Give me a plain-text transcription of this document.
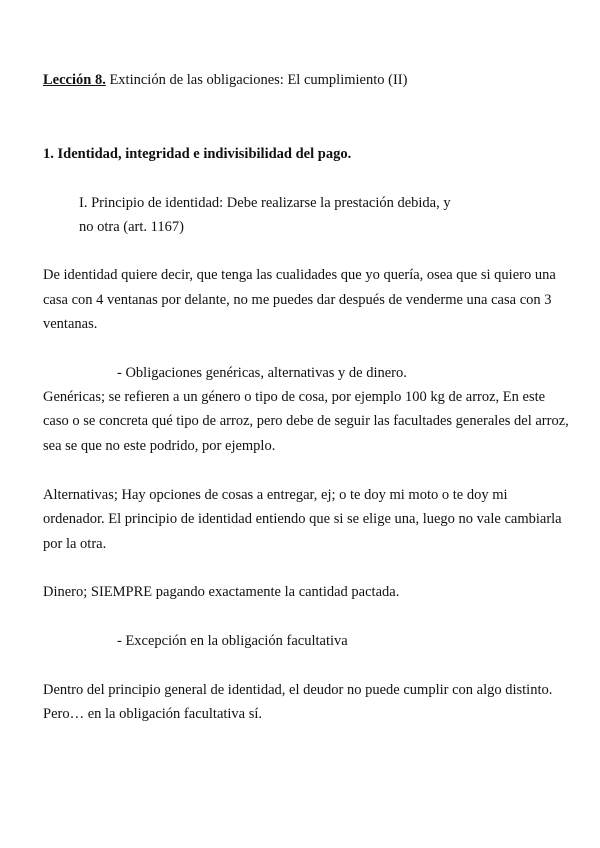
Lección 8. Extinción de las obligaciones: El cumplimiento (II)
1. Identidad, integridad e indivisibilidad del pago.
I. Principio de identidad: Debe realizarse la prestación debida, y
no otra (art. 1167)
De identidad quiere decir, que tenga las cualidades que yo quería, osea que si quiero una
casa con 4 ventanas por delante, no me puedes dar después de venderme una casa con 3
ventanas.
- Obligaciones genéricas, alternativas y de dinero.
Genéricas; se refieren a un género o tipo de cosa, por ejemplo 100 kg de arroz, En este
caso o se concreta qué tipo de arroz, pero debe de seguir las facultades generales del arroz,
sea se que no este podrido, por ejemplo.
Alternativas; Hay opciones de cosas a entregar, ej; o te doy mi moto o te doy mi
ordenador. El principio de identidad entiendo que si se elige una, luego no vale cambiarla
por la otra.
Dinero; SIEMPRE pagando exactamente la cantidad pactada.
- Excepción en la obligación facultativa
Dentro del principio general de identidad, el deudor no puede cumplir con algo distinto.
Pero… en la obligación facultativa sí.
